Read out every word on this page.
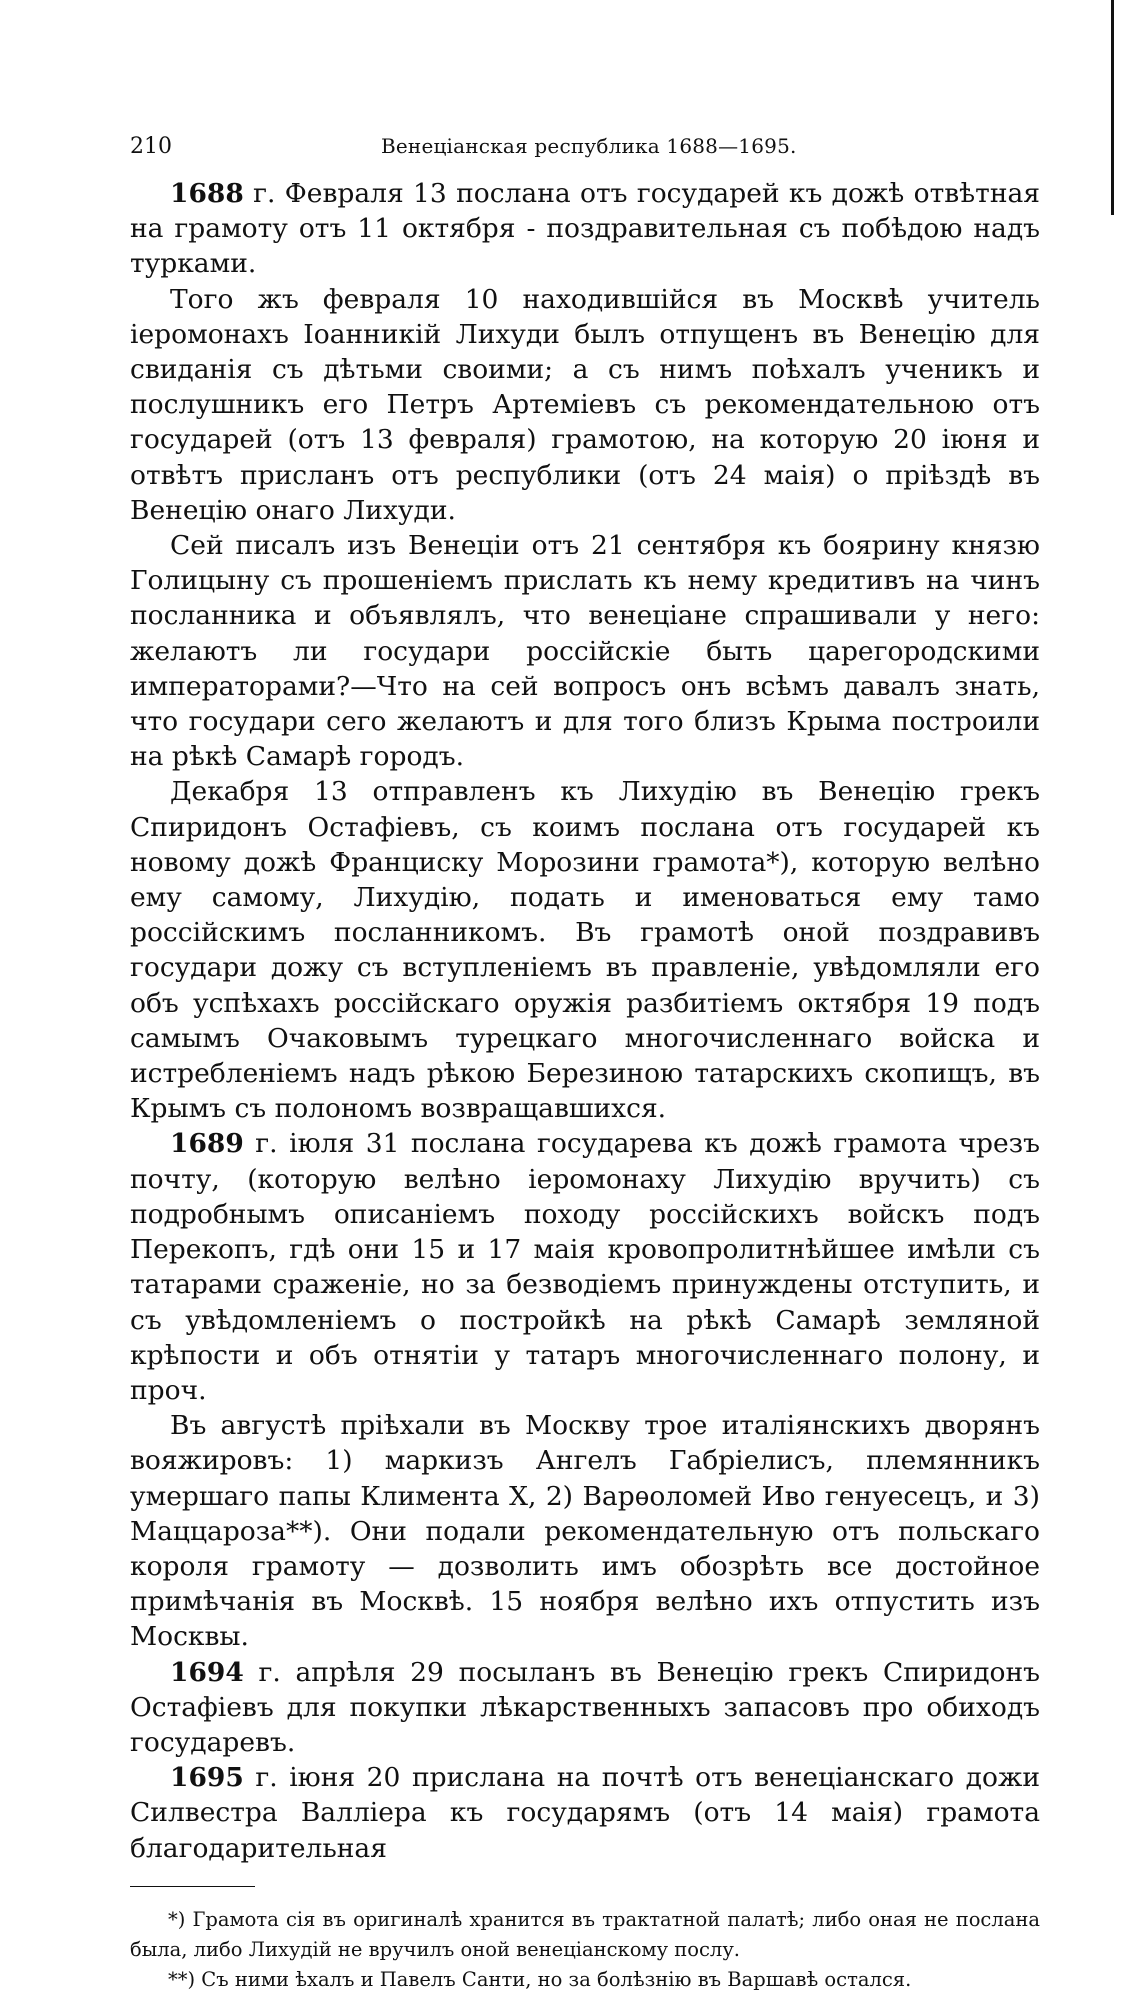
210	Венеціанская республика 1688—1695.

1688 г. Февраля 13 послана отъ государей къ дожѣ отвѣтная на грамоту отъ 11 октября - поздравительная съ побѣдою надъ турками.

Того жъ февраля 10 находившійся въ Москвѣ учитель іеромонахъ Іоанникій Лихуди былъ отпущенъ въ Венецію для свиданія съ дѣтьми своими; а съ нимъ поѣхалъ ученикъ и послушникъ его Петръ Артеміевъ съ рекомендательною отъ государей (отъ 13 февраля) грамотою, на которую 20 іюня и отвѣтъ присланъ отъ республики (отъ 24 маія) о пріѣздѣ въ Венецію онаго Лихуди.

Сей писалъ изъ Венеціи отъ 21 сентября къ боярину князю Голицыну съ прошеніемъ прислать къ нему кредитивъ на чинъ посланника и объявлялъ, что венеціане спрашивали у него: желаютъ ли государи россійскіе быть царегородскими императорами?—Что на сей вопросъ онъ всѣмъ давалъ знать, что государи сего желаютъ и для того близъ Крыма построили на рѣкѣ Самарѣ городъ.

Декабря 13 отправленъ къ Лихудію въ Венецію грекъ Спиридонъ Остафіевъ, съ коимъ послана отъ государей къ новому дожѣ Франциску Морозини грамота*), которую велѣно ему самому, Лихудію, подать и именоваться ему тамо россійскимъ посланникомъ. Въ грамотѣ оной поздравивъ государи дожу съ вступленіемъ въ правленіе, увѣдомляли его объ успѣхахъ россійскаго оружія разбитіемъ октября 19 подъ самымъ Очаковымъ турецкаго многочисленнаго войска и истребленіемъ надъ рѣкою Березиною татарскихъ скопищъ, въ Крымъ съ полономъ возвращавшихся.

1689 г. іюля 31 послана государева къ дожѣ грамота чрезъ почту, (которую велѣно іеромонаху Лихудію вручить) съ подробнымъ описаніемъ походу россійскихъ войскъ подъ Перекопъ, гдѣ они 15 и 17 маія кровопролитнѣйшее имѣли съ татарами сраженіе, но за безводіемъ принуждены отступить, и съ увѣдомленіемъ о постройкѣ на рѣкѣ Самарѣ земляной крѣпости и объ отнятіи у татаръ многочисленнаго полону, и проч.

Въ августѣ пріѣхали въ Москву трое италіянскихъ дворянъ вояжировъ: 1) маркизъ Ангелъ Габріелисъ, племянникъ умершаго папы Климента X, 2) Варѳоломей Иво генуесецъ, и 3) Маццароза**). Они подали рекомендательную отъ польскаго короля грамоту — дозволить имъ обозрѣть все достойное примѣчанія въ Москвѣ. 15 ноября велѣно ихъ отпустить изъ Москвы.

1694 г. апрѣля 29 посыланъ въ Венецію грекъ Спиридонъ Остафіевъ для покупки лѣкарственныхъ запасовъ про обиходъ государевъ.

1695 г. іюня 20 прислана на почтѣ отъ венеціанскаго дожи Силвестра Валліера къ государямъ (отъ 14 маія) грамота благодарительная

*) Грамота сія въ оригиналѣ хранится въ трактатной палатѣ; либо оная не послана была, либо Лихудій не вручилъ оной венеціанскому послу.

**) Съ ними ѣхалъ и Павелъ Санти, но за болѣзнію въ Варшавѣ остался.
